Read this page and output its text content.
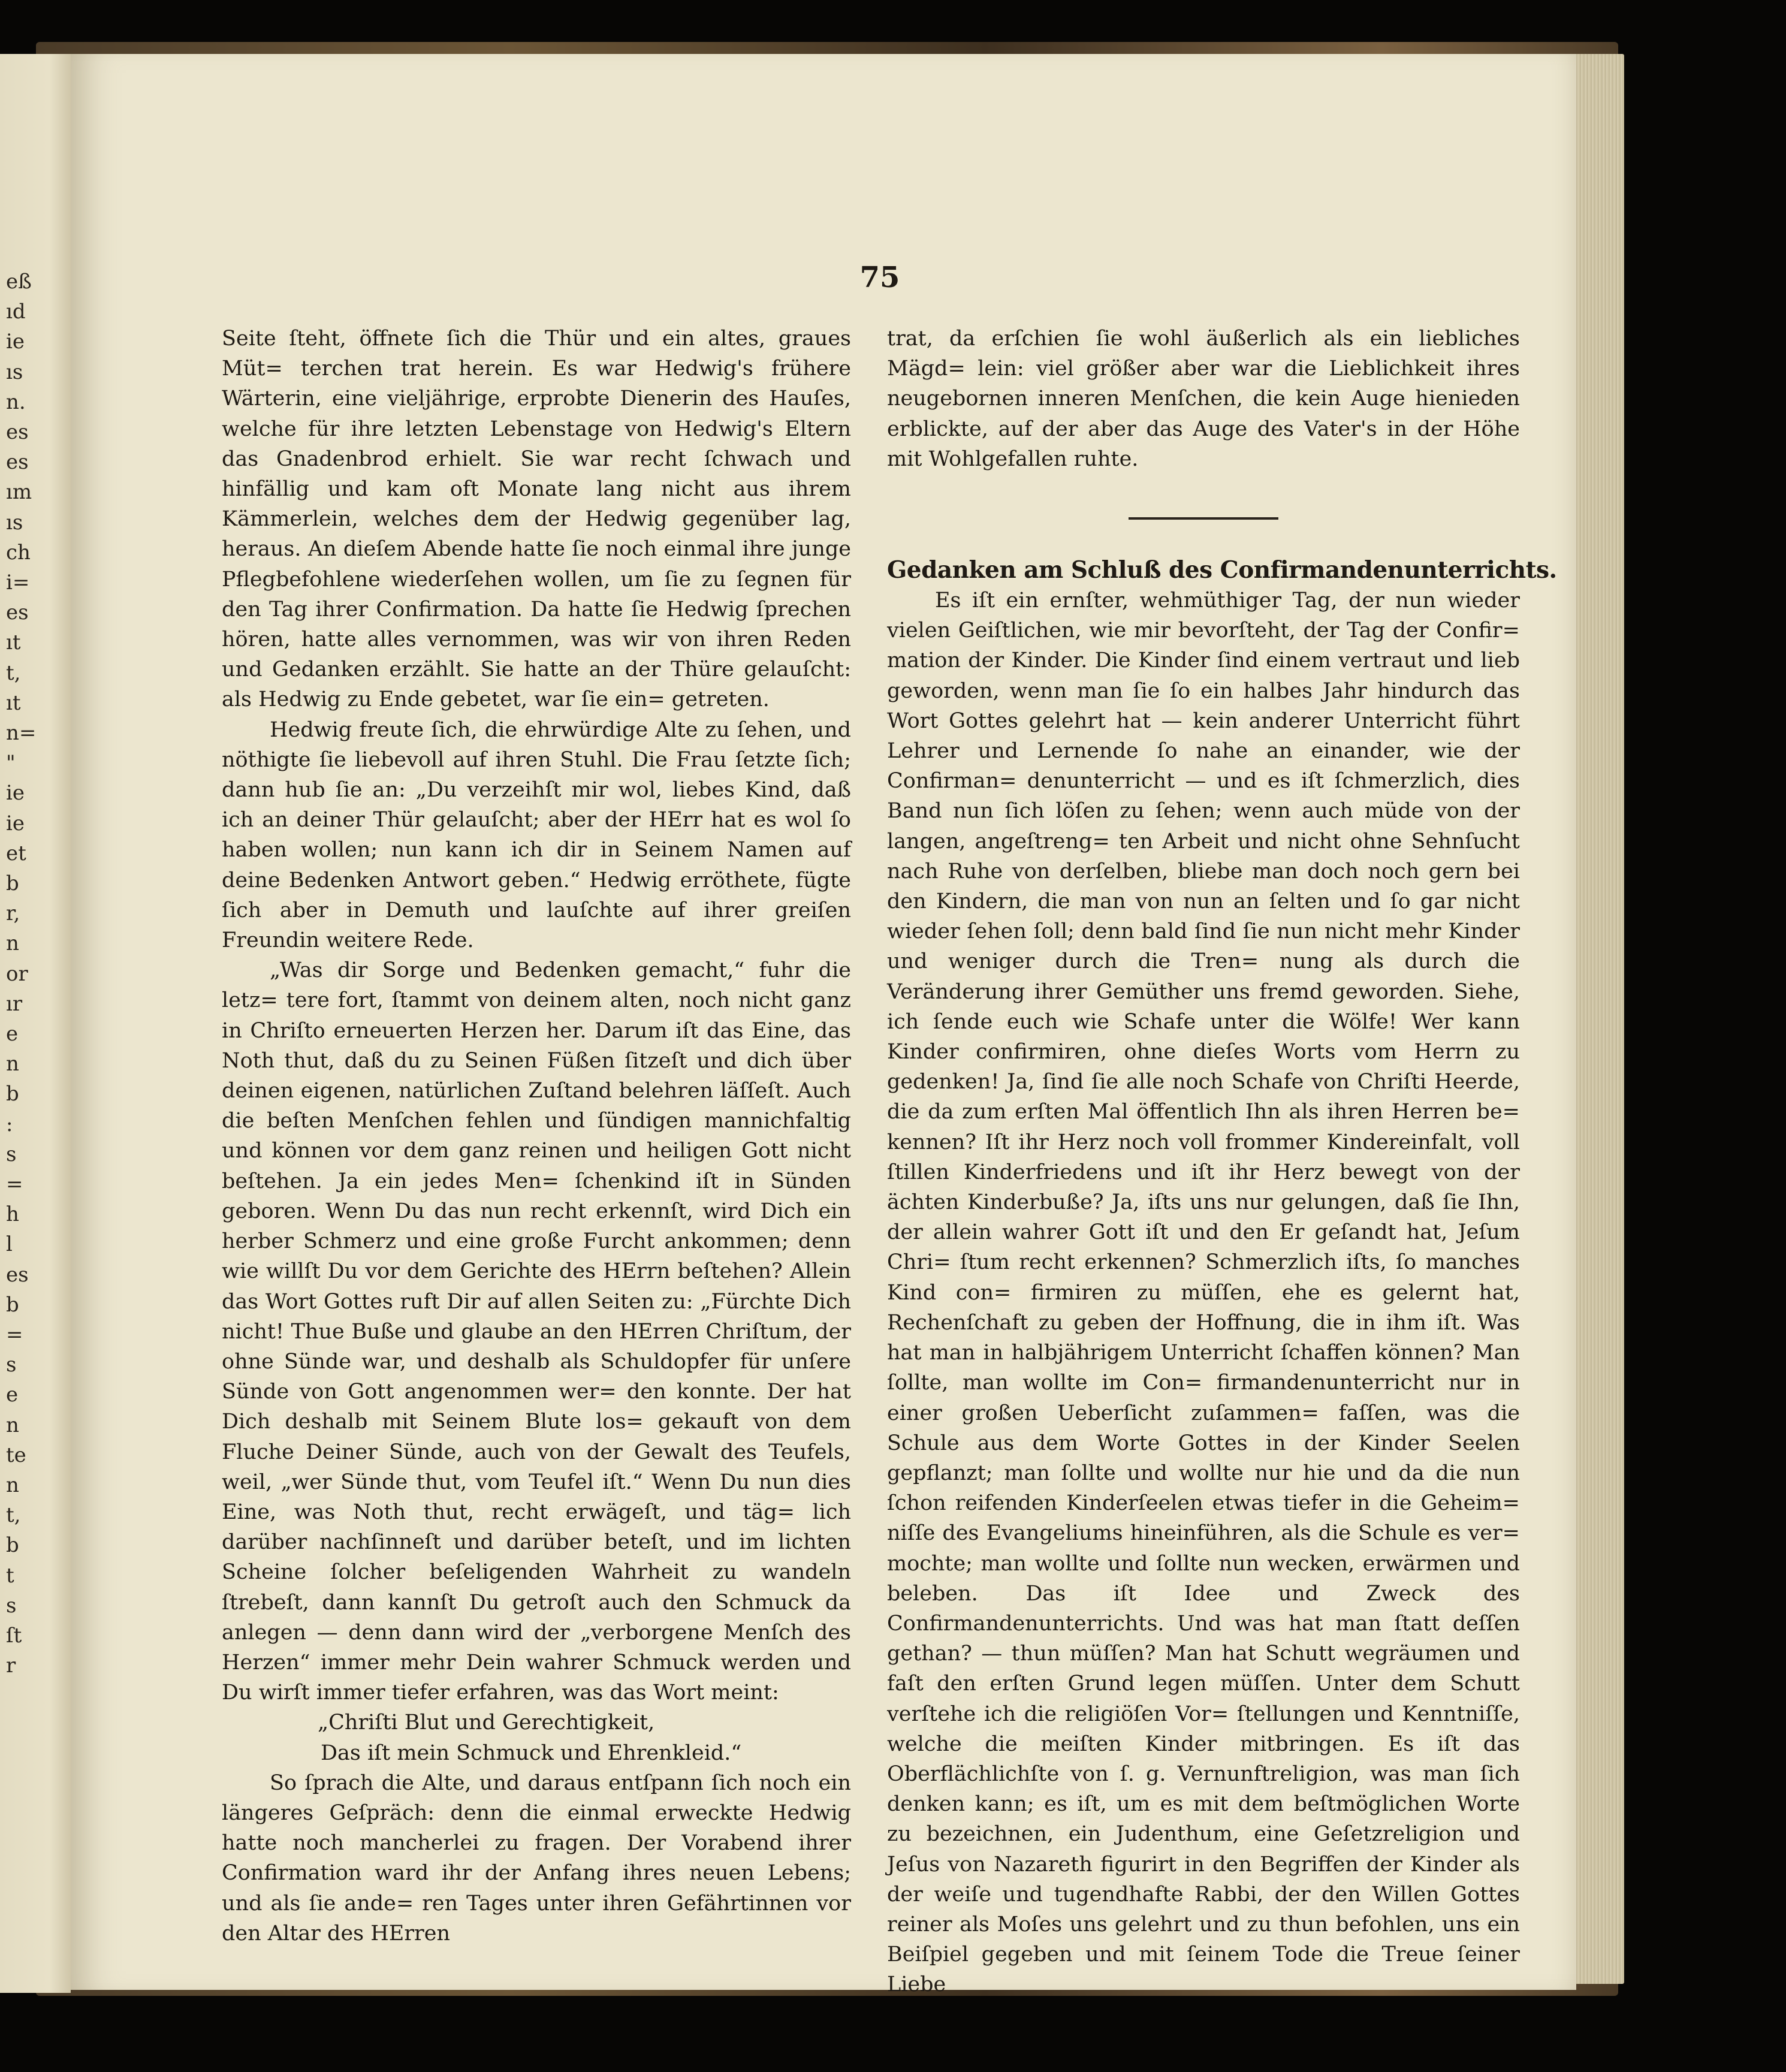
eß
ıd
ie
ıs
n.
es
es
ım
ıs
ch
i=
es
ıt
t,
ıt
n=
"
ie
ie
et
b
r,
n
or
ır
e
n
b
:
s
=
h
l
es
b
=
s
e
n
te
n
t,
b
t
s
ſt
r
75

Seite ſteht, öffnete ſich die Thür und ein altes, graues Müt= terchen trat herein. Es war Hedwig's frühere Wärterin, eine vieljährige, erprobte Dienerin des Hauſes, welche für ihre letzten Lebenstage von Hedwig's Eltern das Gnadenbrod erhielt. Sie war recht ſchwach und hinfällig und kam oft Monate lang nicht aus ihrem Kämmerlein, welches dem der Hedwig gegenüber lag, heraus. An dieſem Abende hatte ſie noch einmal ihre junge Pflegbefohlene wiederſehen wollen, um ſie zu ſegnen für den Tag ihrer Confirmation. Da hatte ſie Hedwig ſprechen hören, hatte alles vernommen, was wir von ihren Reden und Gedanken erzählt. Sie hatte an der Thüre gelauſcht: als Hedwig zu Ende gebetet, war ſie ein= getreten.

Hedwig freute ſich, die ehrwürdige Alte zu ſehen, und nöthigte ſie liebevoll auf ihren Stuhl. Die Frau ſetzte ſich; dann hub ſie an: „Du verzeihſt mir wol, liebes Kind, daß ich an deiner Thür gelauſcht; aber der HErr hat es wol ſo haben wollen; nun kann ich dir in Seinem Namen auf deine Bedenken Antwort geben.“ Hedwig erröthete, fügte ſich aber in Demuth und lauſchte auf ihrer greiſen Freundin weitere Rede.

„Was dir Sorge und Bedenken gemacht,“ fuhr die letz= tere fort, ſtammt von deinem alten, noch nicht ganz in Chriſto erneuerten Herzen her. Darum iſt das Eine, das Noth thut, daß du zu Seinen Füßen ſitzeſt und dich über deinen eigenen, natürlichen Zuſtand belehren läſſeſt. Auch die beſten Menſchen fehlen und ſündigen mannichfaltig und können vor dem ganz reinen und heiligen Gott nicht beſtehen. Ja ein jedes Men= ſchenkind iſt in Sünden geboren. Wenn Du das nun recht erkennſt, wird Dich ein herber Schmerz und eine große Furcht ankommen; denn wie willſt Du vor dem Gerichte des HErrn beſtehen? Allein das Wort Gottes ruft Dir auf allen Seiten zu: „Fürchte Dich nicht! Thue Buße und glaube an den HErren Chriſtum, der ohne Sünde war, und deshalb als Schuldopfer für unſere Sünde von Gott angenommen wer= den konnte. Der hat Dich deshalb mit Seinem Blute los= gekauft von dem Fluche Deiner Sünde, auch von der Gewalt des Teufels, weil, „wer Sünde thut, vom Teufel iſt.“ Wenn Du nun dies Eine, was Noth thut, recht erwägeſt, und täg= lich darüber nachſinneſt und darüber beteſt, und im lichten Scheine ſolcher beſeligenden Wahrheit zu wandeln ſtrebeſt, dann kannſt Du getroſt auch den Schmuck da anlegen — denn dann wird der „verborgene Menſch des Herzen“ immer mehr Dein wahrer Schmuck werden und Du wirſt immer tiefer erfahren, was das Wort meint:

„Chriſti Blut und Gerechtigkeit,

Das iſt mein Schmuck und Ehrenkleid.“

So ſprach die Alte, und daraus entſpann ſich noch ein längeres Geſpräch: denn die einmal erweckte Hedwig hatte noch mancherlei zu fragen. Der Vorabend ihrer Confirmation ward ihr der Anfang ihres neuen Lebens; und als ſie ande= ren Tages unter ihren Gefährtinnen vor den Altar des HErren

trat, da erſchien ſie wohl äußerlich als ein liebliches Mägd= lein: viel größer aber war die Lieblichkeit ihres neugebornen inneren Menſchen, die kein Auge hienieden erblickte, auf der aber das Auge des Vater's in der Höhe mit Wohlgefallen ruhte.

Gedanken am Schluß des Confirmandenunterrichts.

Es iſt ein ernſter, wehmüthiger Tag, der nun wieder vielen Geiſtlichen, wie mir bevorſteht, der Tag der Confir= mation der Kinder. Die Kinder ſind einem vertraut und lieb geworden, wenn man ſie ſo ein halbes Jahr hindurch das Wort Gottes gelehrt hat — kein anderer Unterricht führt Lehrer und Lernende ſo nahe an einander, wie der Confirman= denunterricht — und es iſt ſchmerzlich, dies Band nun ſich löſen zu ſehen; wenn auch müde von der langen, angeſtreng= ten Arbeit und nicht ohne Sehnſucht nach Ruhe von derſelben, bliebe man doch noch gern bei den Kindern, die man von nun an ſelten und ſo gar nicht wieder ſehen ſoll; denn bald ſind ſie nun nicht mehr Kinder und weniger durch die Tren= nung als durch die Veränderung ihrer Gemüther uns fremd geworden. Siehe, ich ſende euch wie Schafe unter die Wölfe! Wer kann Kinder confirmiren, ohne dieſes Worts vom Herrn zu gedenken! Ja, ſind ſie alle noch Schafe von Chriſti Heerde, die da zum erſten Mal öffentlich Ihn als ihren Herren be= kennen? Iſt ihr Herz noch voll frommer Kindereinfalt, voll ſtillen Kinderfriedens und iſt ihr Herz bewegt von der ächten Kinderbuße? Ja, iſts uns nur gelungen, daß ſie Ihn, der allein wahrer Gott iſt und den Er geſandt hat, Jeſum Chri= ſtum recht erkennen? Schmerzlich iſts, ſo manches Kind con= firmiren zu müſſen, ehe es gelernt hat, Rechenſchaft zu geben der Hoffnung, die in ihm iſt. Was hat man in halbjährigem Unterricht ſchaffen können? Man ſollte, man wollte im Con= firmandenunterricht nur in einer großen Ueberſicht zuſammen= faſſen, was die Schule aus dem Worte Gottes in der Kinder Seelen gepflanzt; man ſollte und wollte nur hie und da die nun ſchon reifenden Kinderſeelen etwas tiefer in die Geheim= niſſe des Evangeliums hineinführen, als die Schule es ver= mochte; man wollte und ſollte nun wecken, erwärmen und beleben. Das iſt Idee und Zweck des Confirmandenunterrichts. Und was hat man ſtatt deſſen gethan? — thun müſſen? Man hat Schutt wegräumen und faſt den erſten Grund legen müſſen. Unter dem Schutt verſtehe ich die religiöſen Vor= ſtellungen und Kenntniſſe, welche die meiſten Kinder mitbringen. Es iſt das Oberflächlichſte von ſ. g. Vernunftreligion, was man ſich denken kann; es iſt, um es mit dem beſtmöglichen Worte zu bezeichnen, ein Judenthum, eine Geſetzreligion und Jeſus von Nazareth figurirt in den Begriffen der Kinder als der weiſe und tugendhafte Rabbi, der den Willen Gottes reiner als Moſes uns gelehrt und zu thun befohlen, uns ein Beiſpiel gegeben und mit ſeinem Tode die Treue ſeiner Liebe
